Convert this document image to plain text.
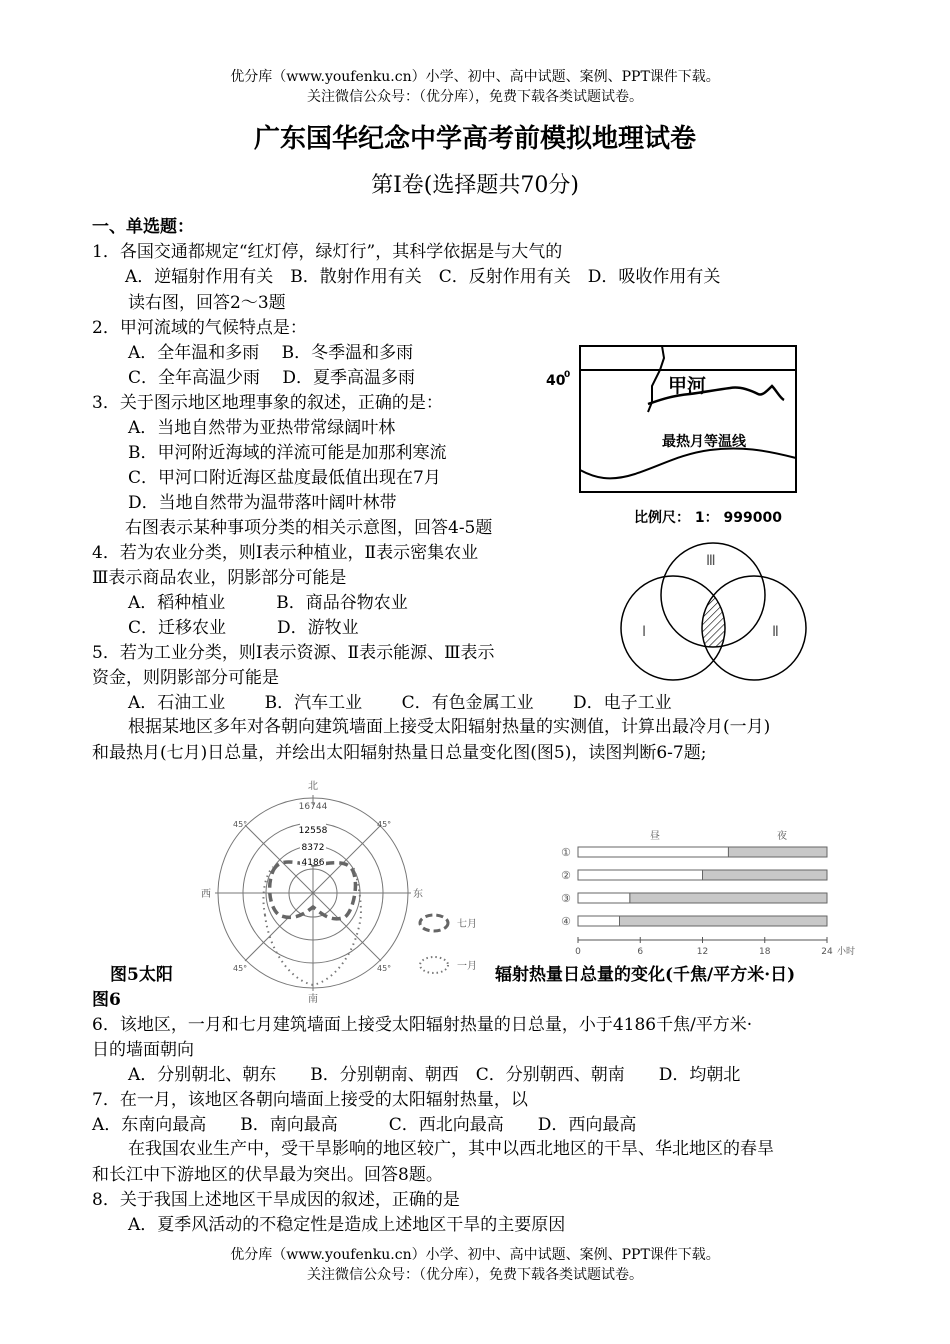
优分库（www.youfenku.cn）小学、初中、高中试题、案例、PPT课件下载。
关注微信公众号：（优分库），免费下载各类试题试卷。
广东国华纪念中学高考前模拟地理试卷
第Ⅰ卷(选择题共70分)
一、单选题：
1．各国交通都规定“红灯停，绿灯行”，其科学依据是与大气的
A．逆辐射作用有关　B．散射作用有关　C．反射作用有关　D．吸收作用有关
读右图，回答2～3题
2．甲河流域的气候特点是：
A．全年温和多雨　 B．冬季温和多雨
C．全年高温少雨　 D．夏季高温多雨
3．关于图示地区地理事象的叙述，正确的是：
A．当地自然带为亚热带常绿阔叶林
B．甲河附近海域的洋流可能是加那利寒流
C．甲河口附近海区盐度最低值出现在7月
D．当地自然带为温带落叶阔叶林带
40
0	甲河
最热月等温线
比例尺： 1： 999000
右图表示某种事项分类的相关示意图，回答4-5题
4．若为农业分类，则Ⅰ表示种植业，Ⅱ表示密集农业
Ⅲ表示商品农业，阴影部分可能是
A．稻种植业　　　B．商品谷物农业
C．迁移农业　　　D．游牧业
Ⅲ
Ⅰ	Ⅱ
5．若为工业分类，则Ⅰ表示资源、Ⅱ表示能源、Ⅲ表示
资金，则阴影部分可能是
A．石油工业　　 B．汽车工业　　 C．有色金属工业　　 D．电子工业
根据某地区多年对各朝向建筑墙面上接受太阳辐射热量的实测值，计算出最冷月(一月)
和最热月(七月)日总量，并绘出太阳辐射热量日总量变化图(图5)，读图判断6-7题;
北
南
东
西
16744
12558
8372
4186
45°	45°
45°	45°
七月
一月
昼	夜
①
②
③
④
0	6	12	18	24 小时
图5太阳	辐射热量日总量的变化(千焦/平方米·日)
图6
6．该地区，一月和七月建筑墙面上接受太阳辐射热量的日总量，小于4186千焦/平方米·
日的墙面朝向
A．分别朝北、朝东　　B．分别朝南、朝西　C．分别朝西、朝南　　D．均朝北
7．在一月，该地区各朝向墙面上接受的太阳辐射热量，以
A．东南向最高　　B．南向最高　　　C．西北向最高　　D．西向最高
在我国农业生产中，受干旱影响的地区较广，其中以西北地区的干旱、华北地区的春旱
和长江中下游地区的伏旱最为突出。回答8题。
8．关于我国上述地区干旱成因的叙述，正确的是
A．夏季风活动的不稳定性是造成上述地区干旱的主要原因
优分库（www.youfenku.cn）小学、初中、高中试题、案例、PPT课件下载。
关注微信公众号：（优分库），免费下载各类试题试卷。
